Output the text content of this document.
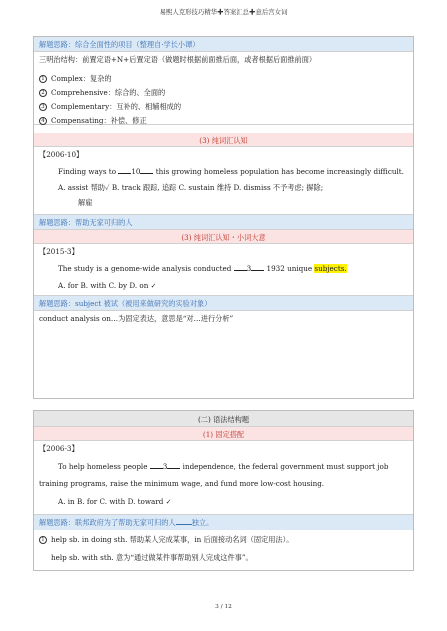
易熙人克形技巧精华✚答案汇总✚意后宫女词
解题思路： 综合全面性的项目（整理自·学长小谭）
三明治结构：前置定语+N+后置定语（做题时根据前面推后面，或者根据后面推前面）
1 Complex：复杂的
2 Comprehensive：综合的、全面的
3 Complementary：互补的、相辅相成的
4 Compensating：补偿、修正
(3) 纯词汇认知
【2006-10】
Finding ways to 10 this growing homeless population has become increasingly difficult.
A. assist 帮助✓ B. track 跟踪, 追踪 C. sustain 维持 D. dismiss 不予考虑; 摒除;
解雇
解题思路： 帮助无家可归的人
(3) 纯词汇认知・小词大意
【2015-3】
The study is a genome-wide analysis conducted 3 1932 unique subjects.
A. for B. with C. by D. on ✓
解题思路： subject 被试（被用来做研究的实验对象）
conduct analysis on…为固定表达，意思是“对…进行分析”
(二) 语法结构题
(1) 固定搭配
【2006-3】
To help homeless people 3 independence, the federal government must support job
training programs, raise the minimum wage, and fund more low-cost housing.
A. in B. for C. with D. toward ✓
解题思路： 联邦政府为了帮助无家可归的人 独立。
1 help sb. in doing sth. 帮助某人完成某事，in 后面接动名词（固定用法）。
help sb. with sth. 意为“通过做某件事帮助别人完成这件事”。
3 / 12
